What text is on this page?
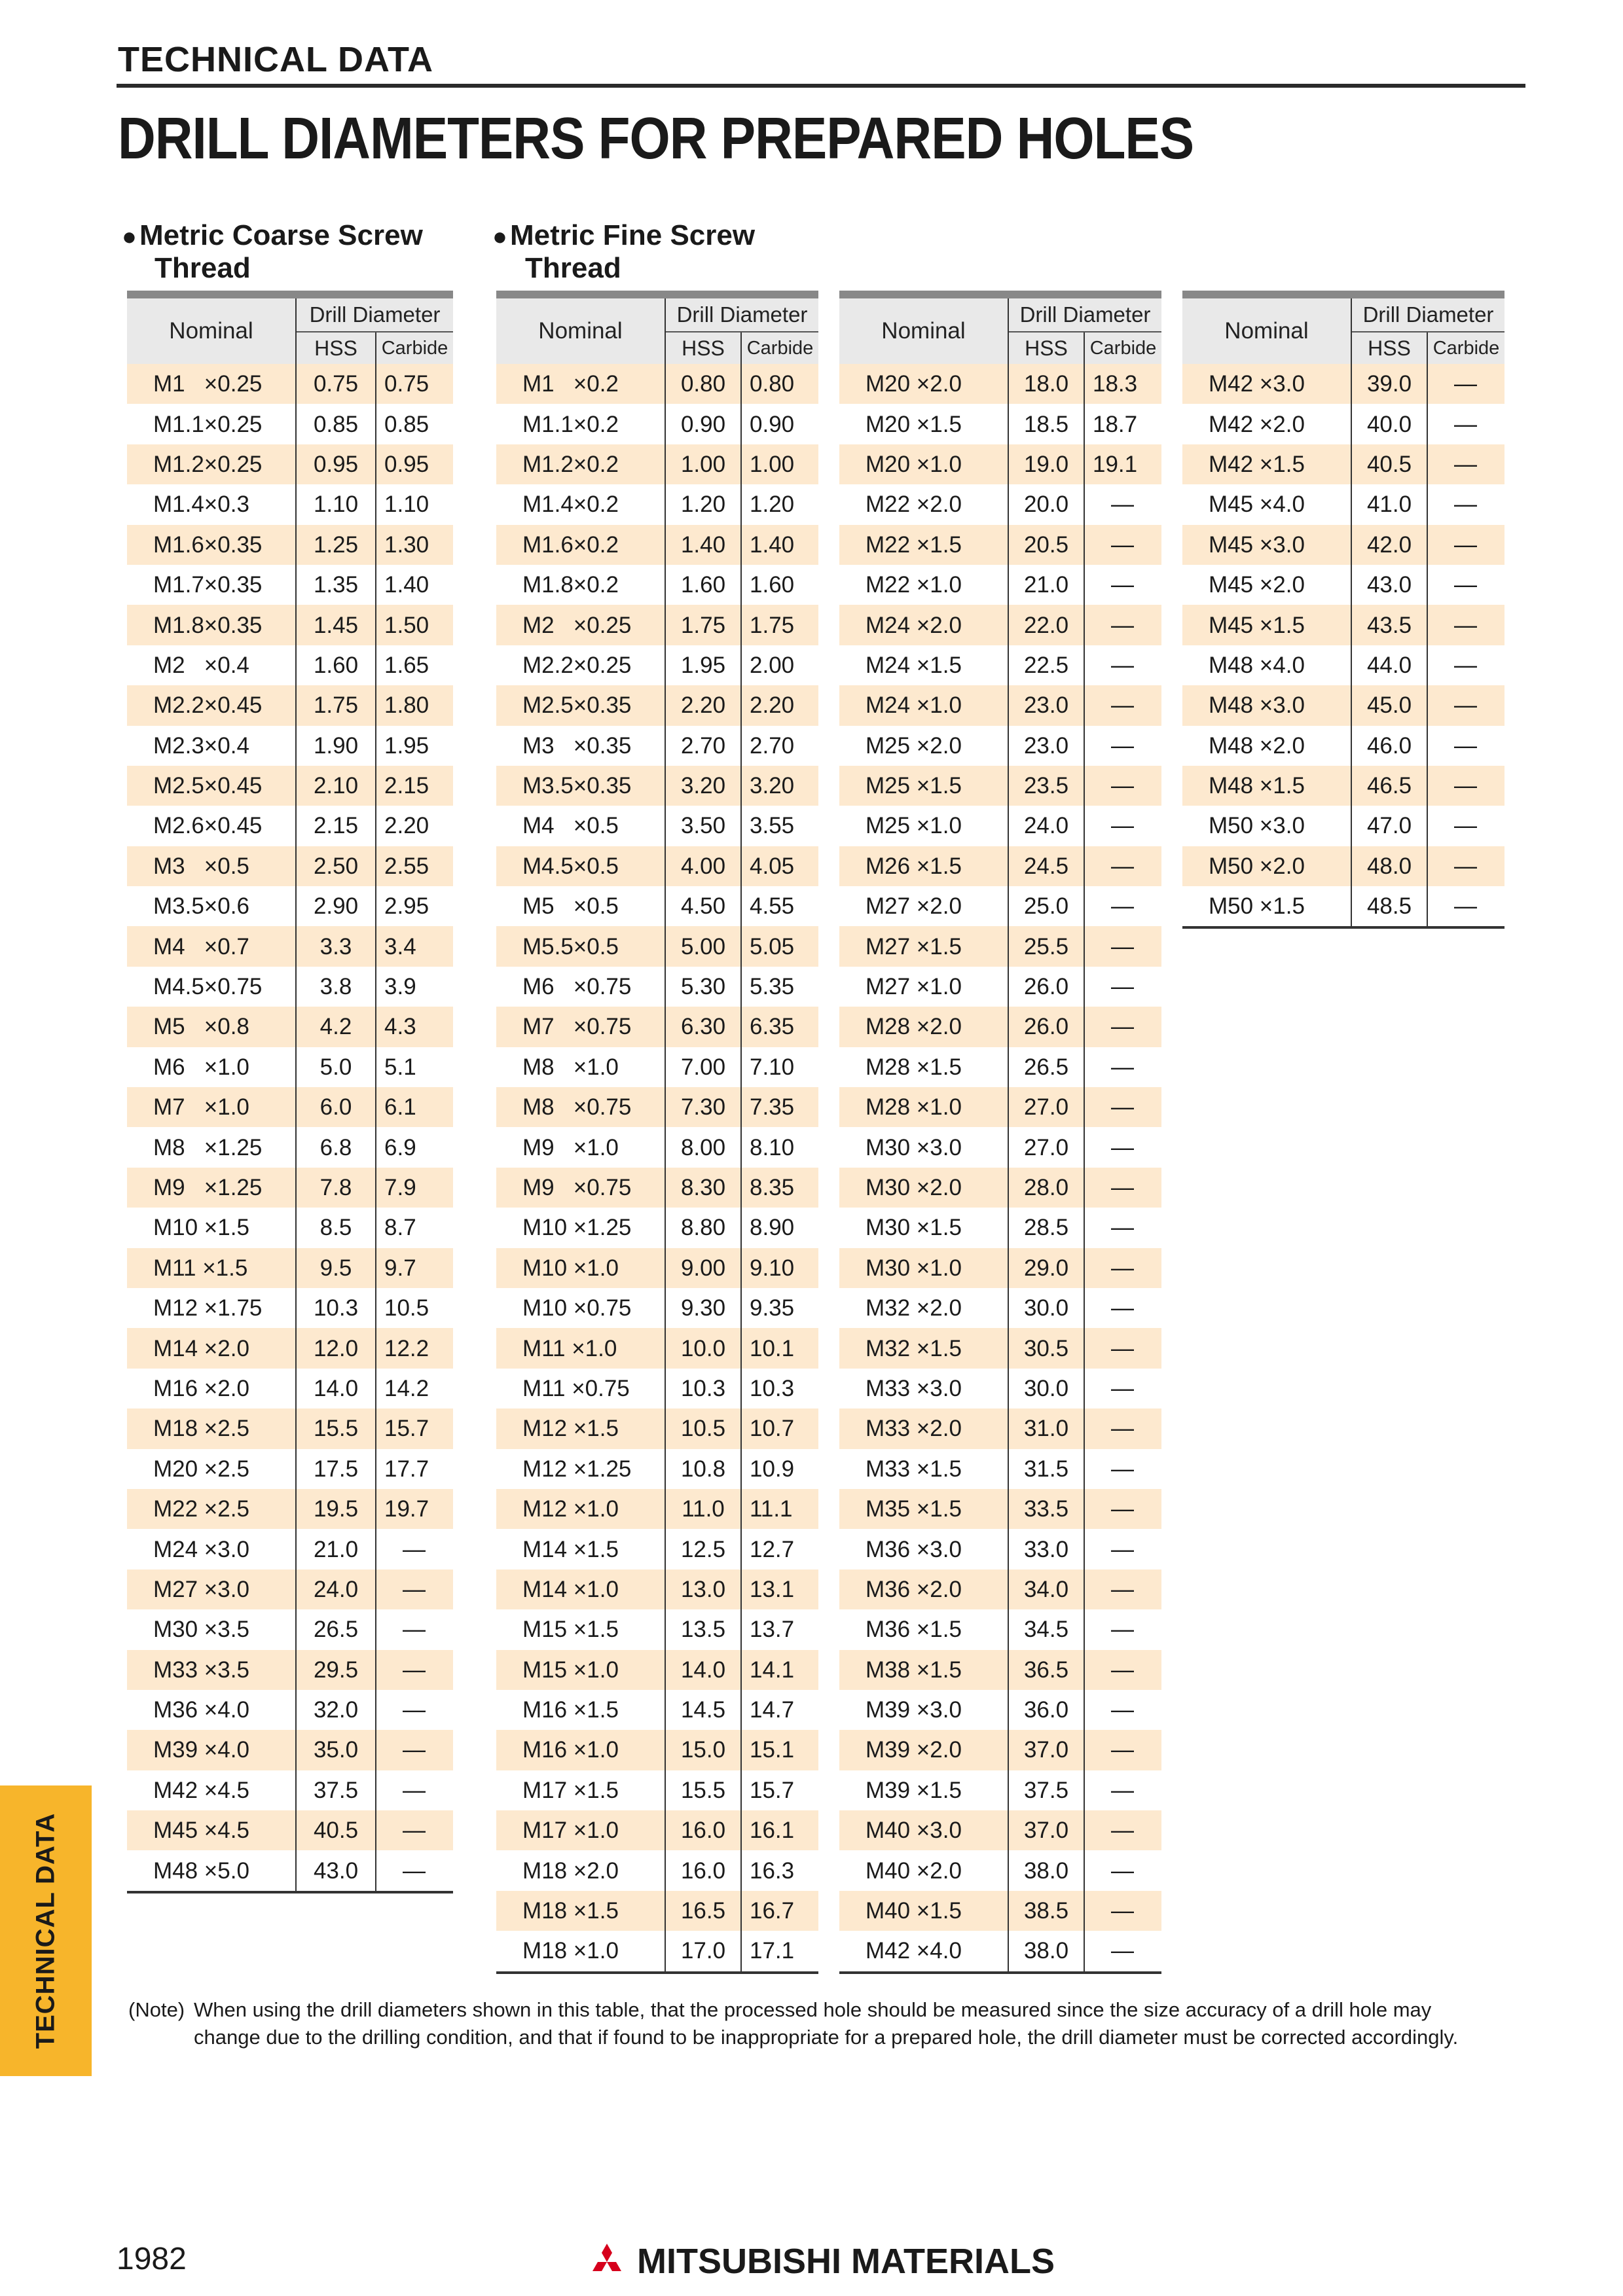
TECHNICAL DATA
DRILL DIAMETERS FOR PREPARED HOLES
●Metric Coarse Screw
Thread
●Metric Fine Screw
Thread
Nominal	Drill Diameter	
	HSS	Carbide
M1   ×0.25	0.75	0.75
M1.1×0.25	0.85	0.85
M1.2×0.25	0.95	0.95
M1.4×0.3	1.10	1.10
M1.6×0.35	1.25	1.30
M1.7×0.35	1.35	1.40
M1.8×0.35	1.45	1.50
M2   ×0.4	1.60	1.65
M2.2×0.45	1.75	1.80
M2.3×0.4	1.90	1.95
M2.5×0.45	2.10	2.15
M2.6×0.45	2.15	2.20
M3   ×0.5	2.50	2.55
M3.5×0.6	2.90	2.95
M4   ×0.7	3.3	3.4
M4.5×0.75	3.8	3.9
M5   ×0.8	4.2	4.3
M6   ×1.0	5.0	5.1
M7   ×1.0	6.0	6.1
M8   ×1.25	6.8	6.9
M9   ×1.25	7.8	7.9
M10 ×1.5	8.5	8.7
M11 ×1.5	9.5	9.7
M12 ×1.75	10.3	10.5
M14 ×2.0	12.0	12.2
M16 ×2.0	14.0	14.2
M18 ×2.5	15.5	15.7
M20 ×2.5	17.5	17.7
M22 ×2.5	19.5	19.7
M24 ×3.0	21.0	—
M27 ×3.0	24.0	—
M30 ×3.5	26.5	—
M33 ×3.5	29.5	—
M36 ×4.0	32.0	—
M39 ×4.0	35.0	—
M42 ×4.5	37.5	—
M45 ×4.5	40.5	—
M48 ×5.0	43.0	—
Nominal	Drill Diameter	
	HSS	Carbide
M1   ×0.2	0.80	0.80
M1.1×0.2	0.90	0.90
M1.2×0.2	1.00	1.00
M1.4×0.2	1.20	1.20
M1.6×0.2	1.40	1.40
M1.8×0.2	1.60	1.60
M2   ×0.25	1.75	1.75
M2.2×0.25	1.95	2.00
M2.5×0.35	2.20	2.20
M3   ×0.35	2.70	2.70
M3.5×0.35	3.20	3.20
M4   ×0.5	3.50	3.55
M4.5×0.5	4.00	4.05
M5   ×0.5	4.50	4.55
M5.5×0.5	5.00	5.05
M6   ×0.75	5.30	5.35
M7   ×0.75	6.30	6.35
M8   ×1.0	7.00	7.10
M8   ×0.75	7.30	7.35
M9   ×1.0	8.00	8.10
M9   ×0.75	8.30	8.35
M10 ×1.25	8.80	8.90
M10 ×1.0	9.00	9.10
M10 ×0.75	9.30	9.35
M11 ×1.0	10.0	10.1
M11 ×0.75	10.3	10.3
M12 ×1.5	10.5	10.7
M12 ×1.25	10.8	10.9
M12 ×1.0	11.0	11.1
M14 ×1.5	12.5	12.7
M14 ×1.0	13.0	13.1
M15 ×1.5	13.5	13.7
M15 ×1.0	14.0	14.1
M16 ×1.5	14.5	14.7
M16 ×1.0	15.0	15.1
M17 ×1.5	15.5	15.7
M17 ×1.0	16.0	16.1
M18 ×2.0	16.0	16.3
M18 ×1.5	16.5	16.7
M18 ×1.0	17.0	17.1
Nominal	Drill Diameter	
	HSS	Carbide
M20 ×2.0	18.0	18.3
M20 ×1.5	18.5	18.7
M20 ×1.0	19.0	19.1
M22 ×2.0	20.0	—
M22 ×1.5	20.5	—
M22 ×1.0	21.0	—
M24 ×2.0	22.0	—
M24 ×1.5	22.5	—
M24 ×1.0	23.0	—
M25 ×2.0	23.0	—
M25 ×1.5	23.5	—
M25 ×1.0	24.0	—
M26 ×1.5	24.5	—
M27 ×2.0	25.0	—
M27 ×1.5	25.5	—
M27 ×1.0	26.0	—
M28 ×2.0	26.0	—
M28 ×1.5	26.5	—
M28 ×1.0	27.0	—
M30 ×3.0	27.0	—
M30 ×2.0	28.0	—
M30 ×1.5	28.5	—
M30 ×1.0	29.0	—
M32 ×2.0	30.0	—
M32 ×1.5	30.5	—
M33 ×3.0	30.0	—
M33 ×2.0	31.0	—
M33 ×1.5	31.5	—
M35 ×1.5	33.5	—
M36 ×3.0	33.0	—
M36 ×2.0	34.0	—
M36 ×1.5	34.5	—
M38 ×1.5	36.5	—
M39 ×3.0	36.0	—
M39 ×2.0	37.0	—
M39 ×1.5	37.5	—
M40 ×3.0	37.0	—
M40 ×2.0	38.0	—
M40 ×1.5	38.5	—
M42 ×4.0	38.0	—
Nominal	Drill Diameter	
	HSS	Carbide
M42 ×3.0	39.0	—
M42 ×2.0	40.0	—
M42 ×1.5	40.5	—
M45 ×4.0	41.0	—
M45 ×3.0	42.0	—
M45 ×2.0	43.0	—
M45 ×1.5	43.5	—
M48 ×4.0	44.0	—
M48 ×3.0	45.0	—
M48 ×2.0	46.0	—
M48 ×1.5	46.5	—
M50 ×3.0	47.0	—
M50 ×2.0	48.0	—
M50 ×1.5	48.5	—
(Note) When using the drill diameters shown in this table, that the processed hole should be measured since the size accuracy of a drill hole may change due to the drilling condition, and that if found to be inappropriate for a prepared hole, the drill diameter must be corrected accordingly.
TECHNICAL DATA
1982	MITSUBISHI MATERIALS
